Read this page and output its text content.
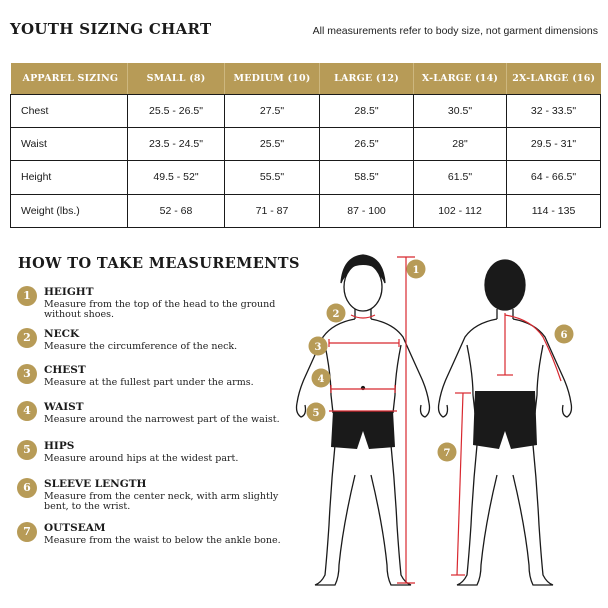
YOUTH SIZING CHART	All measurements refer to body size, not garment dimensions
APPAREL SIZING	SMALL (8)	MEDIUM (10)	LARGE (12)	X-LARGE (14)	2X-LARGE (16)
Chest	25.5 - 26.5"	27.5"	28.5"	30.5"	32 - 33.5"
Waist	23.5 - 24.5"	25.5"	26.5"	28"	29.5 - 31"
Height	49.5 - 52"	55.5"	58.5"	61.5"	64 - 66.5"
Weight (lbs.)	52 - 68	71 - 87	87 - 100	102 - 112	114 - 135
HOW TO TAKE MEASUREMENTS
1	HEIGHT
Measure from the top of the head to the ground without shoes.
2	NECK
Measure the circumference of the neck.
3	CHEST
Measure at the fullest part under the arms.
4	WAIST
Measure around the narrowest part of the waist.
5	HIPS
Measure around hips at the widest part.
6	SLEEVE LENGTH
Measure from the center neck, with arm slightly bent, to the wrist.
7	OUTSEAM
Measure from the waist to below the ankle bone.
1
2
3
4
5
6
7
